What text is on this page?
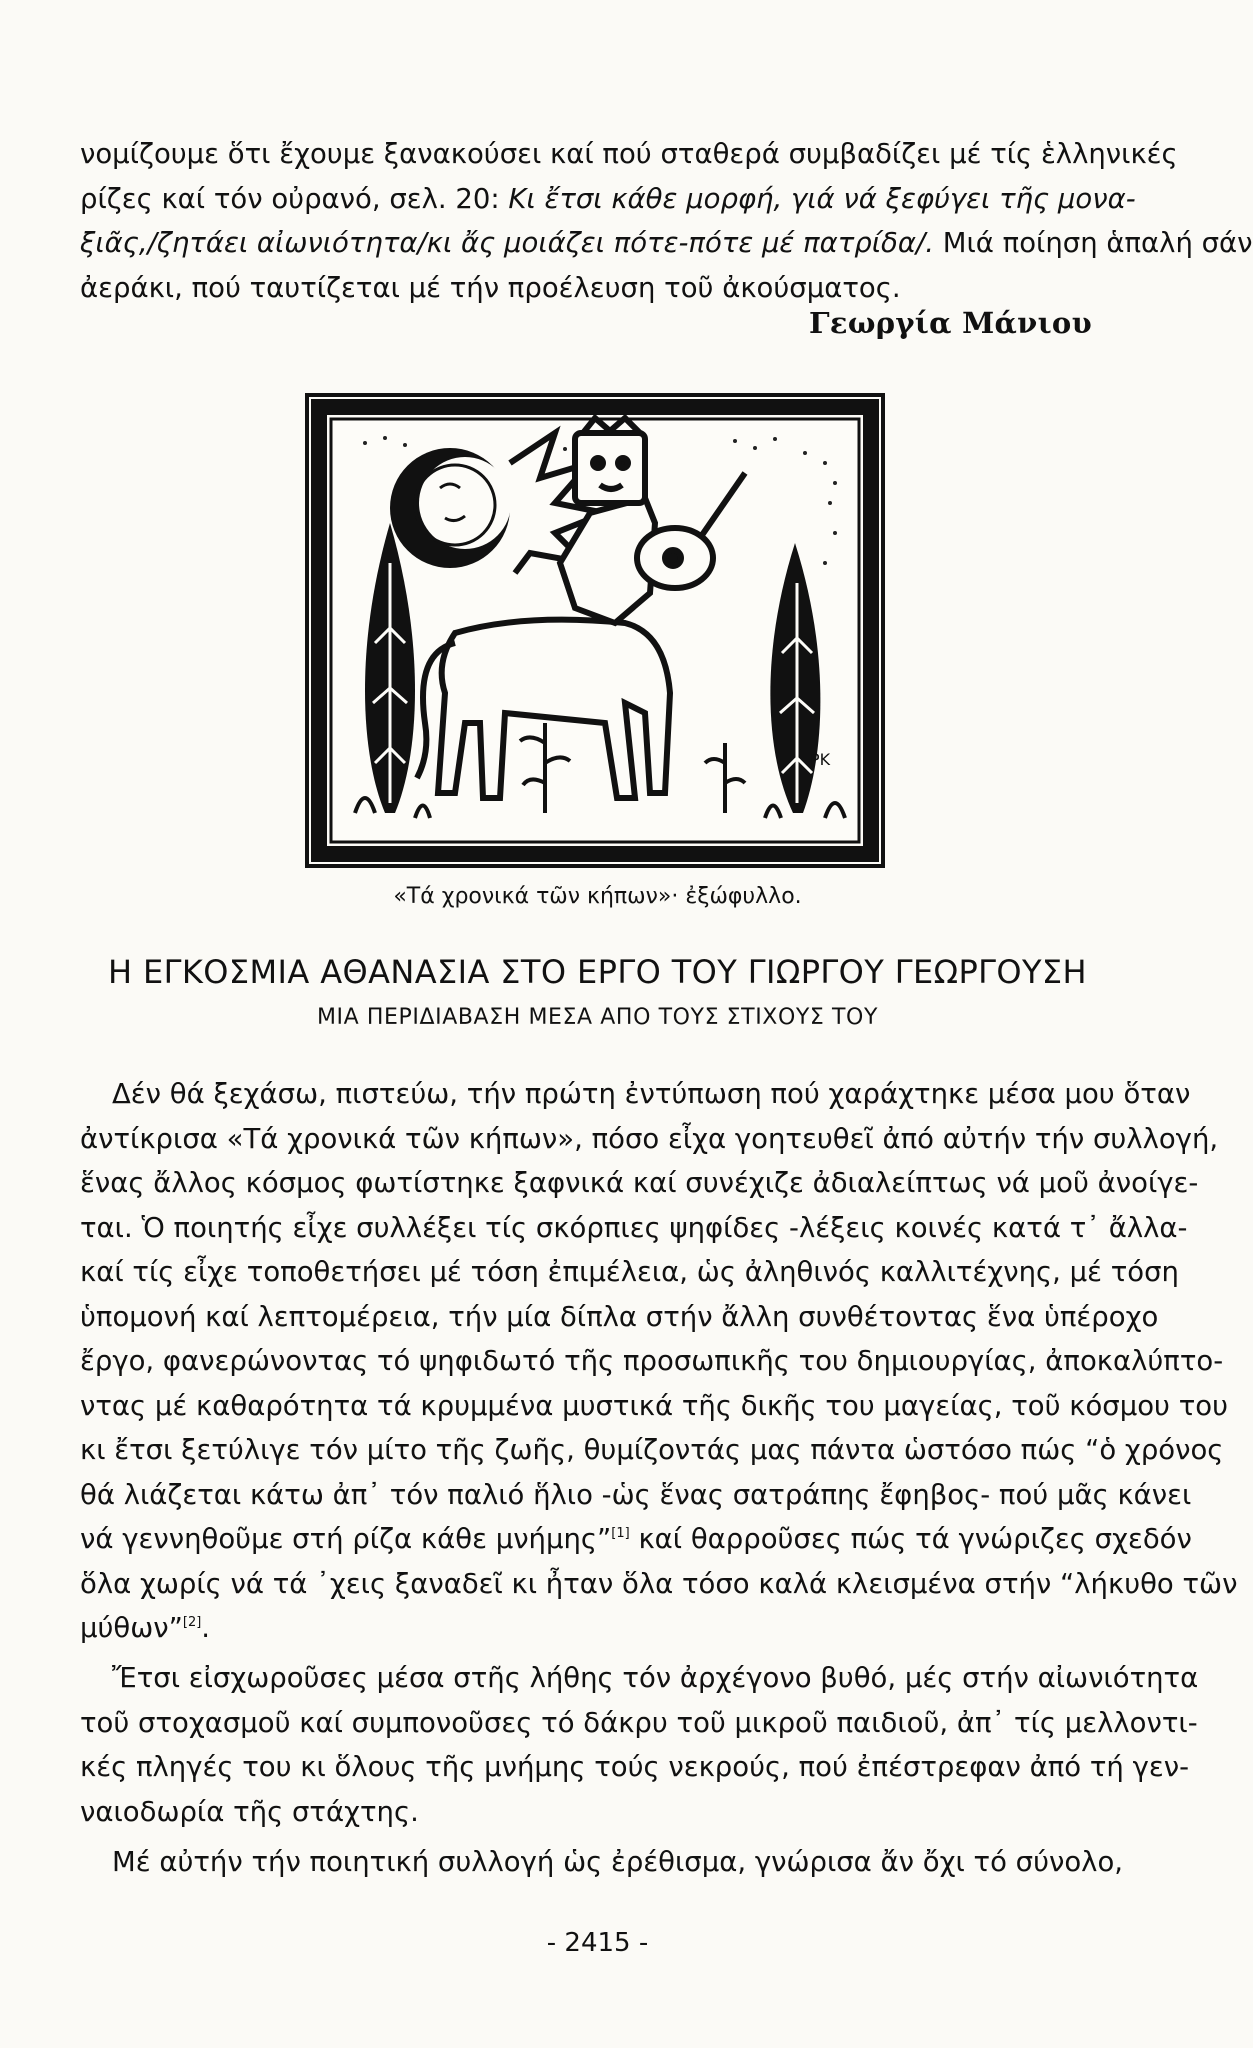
νομίζουμε ὅτι ἔχουμε ξανακούσει καί πού σταθερά συμβαδίζει μέ τίς ἑλληνικές
ρίζες καί τόν οὐρανό, σελ. 20: Κι ἔτσι κάθε μορφή, γιά νά ξεφύγει τῆς μονα-
ξιᾶς,/ζητάει αἰωνιότητα/κι ἄς μοιάζει πότε-πότε μέ πατρίδα/. Μιά ποίηση ἁπαλή σάν
ἀεράκι, πού ταυτίζεται μέ τήν προέλευση τοῦ ἀκούσματος.
Γεωργία Μάνιου
ΡΚ
«Τά χρονικά τῶν κήπων»· ἐξώφυλλο.
Η ΕΓΚΟΣΜΙΑ ΑΘΑΝΑΣΙΑ ΣΤΟ ΕΡΓΟ ΤΟΥ ΓΙΩΡΓΟΥ ΓΕΩΡΓΟΥΣΗ
ΜΙΑ ΠΕΡΙΔΙΑΒΑΣΗ ΜΕΣΑ ΑΠΟ ΤΟΥΣ ΣΤΙΧΟΥΣ ΤΟΥ
Δέν θά ξεχάσω, πιστεύω, τήν πρώτη ἐντύπωση πού χαράχτηκε μέσα μου ὅταν
ἀντίκρισα «Τά χρονικά τῶν κήπων», πόσο εἶχα γοητευθεῖ ἀπό αὐτήν τήν συλλογή,
ἕνας ἄλλος κόσμος φωτίστηκε ξαφνικά καί συνέχιζε ἀδιαλείπτως νά μοῦ ἀνοίγε-
ται. Ὁ ποιητής εἶχε συλλέξει τίς σκόρπιες ψηφίδες -λέξεις κοινές κατά τ᾽ ἄλλα-
καί τίς εἶχε τοποθετήσει μέ τόση ἐπιμέλεια, ὡς ἀληθινός καλλιτέχνης, μέ τόση
ὑπομονή καί λεπτομέρεια, τήν μία δίπλα στήν ἄλλη συνθέτοντας ἕνα ὑπέροχο
ἔργο, φανερώνοντας τό ψηφιδωτό τῆς προσωπικῆς του δημιουργίας, ἀποκαλύπτο-
ντας μέ καθαρότητα τά κρυμμένα μυστικά τῆς δικῆς του μαγείας, τοῦ κόσμου του
κι ἔτσι ξετύλιγε τόν μίτο τῆς ζωῆς, θυμίζοντάς μας πάντα ὡστόσο πώς “ὁ χρόνος
θά λιάζεται κάτω ἀπ᾽ τόν παλιό ἥλιο -ὡς ἕνας σατράπης ἔφηβος- πού μᾶς κάνει
νά γεννηθοῦμε στή ρίζα κάθε μνήμης”[1] καί θαρροῦσες πώς τά γνώριζες σχεδόν
ὅλα χωρίς νά τά ᾽χεις ξαναδεῖ κι ἦταν ὅλα τόσο καλά κλεισμένα στήν “λήκυθο τῶν
μύθων”[2].
Ἔτσι εἰσχωροῦσες μέσα στῆς λήθης τόν ἀρχέγονο βυθό, μές στήν αἰωνιότητα
τοῦ στοχασμοῦ καί συμπονοῦσες τό δάκρυ τοῦ μικροῦ παιδιοῦ, ἀπ᾽ τίς μελλοντι-
κές πληγές του κι ὅλους τῆς μνήμης τούς νεκρούς, πού ἐπέστρεφαν ἀπό τή γεν-
ναιοδωρία τῆς στάχτης.
Μέ αὐτήν τήν ποιητική συλλογή ὡς ἐρέθισμα, γνώρισα ἄν ὄχι τό σύνολο,
- 2415 -
